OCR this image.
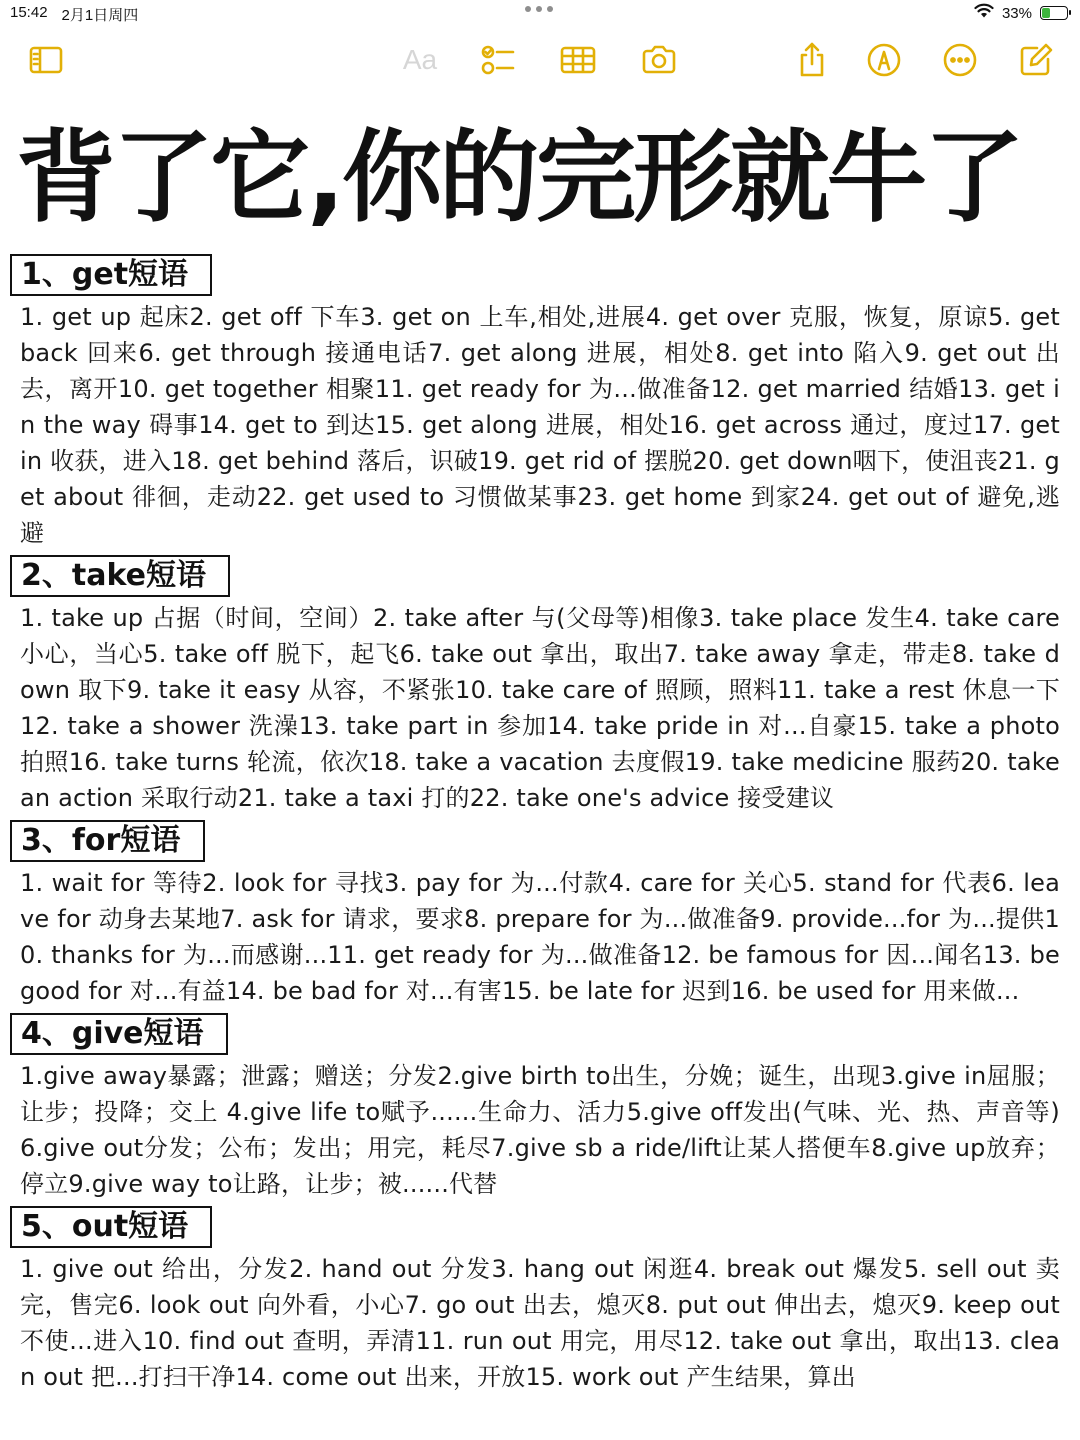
15:42 2月1日周四	33%
Aa
背了它,你的完形就牛了
1、get短语
1. get up 起床2. get off 下车3. get on 上车,相处,进展4. get over 克服，恢复，原谅5. get back 回来6. get through 接通电话7. get along 进展，相处8. get into 陷入9. get out 出去，离开10. get together 相聚11. get ready for 为...做准备12. get married 结婚13. get in the way 碍事14. get to 到达15. get along 进展，相处16. get across 通过，度过17. get in 收获，进入18. get behind 落后，识破19. get rid of 摆脱20. get down咽下，使沮丧21. get about 徘徊，走动22. get used to 习惯做某事23. get home 到家24. get out of 避免,逃避
2、take短语
1. take up 占据（时间，空间）2. take after 与(父母等)相像3. take place 发生4. take care 小心，当心5. take off 脱下，起飞6. take out 拿出，取出7. take away 拿走，带走8. take down 取下9. take it easy 从容，不紧张10. take care of 照顾，照料11. take a rest 休息一下12. take a shower 洗澡13. take part in 参加14. take pride in 对...自豪15. take a photo 拍照16. take turns 轮流，依次18. take a vacation 去度假19. take medicine 服药20. take an action 采取行动21. take a taxi 打的22. take one's advice 接受建议
3、for短语
1. wait for 等待2. look for 寻找3. pay for 为...付款4. care for 关心5. stand for 代表6. leave for 动身去某地7. ask for 请求，要求8. prepare for 为...做准备9. provide...for 为...提供10. thanks for 为...而感谢...11. get ready for 为...做准备12. be famous for 因...闻名13. be good for 对...有益14. be bad for 对...有害15. be late for 迟到16. be used for 用来做...
4、give短语
1.give away暴露；泄露；赠送；分发2.give birth to出生，分娩；诞生，出现3.give in屈服；让步；投降；交上 4.give life to赋予......生命力、活力5.give off发出(气味、光、热、声音等)6.give out分发；公布；发出；用完，耗尽7.give sb a ride/lift让某人搭便车8.give up放弃；停立9.give way to让路，让步；被......代替
5、out短语
1. give out 给出，分发2. hand out 分发3. hang out 闲逛4. break out 爆发5. sell out 卖完，售完6. look out 向外看，小心7. go out 出去，熄灭8. put out 伸出去，熄灭9. keep out 不使...进入10. find out 查明，弄清11. run out 用完，用尽12. take out 拿出，取出13. clean out 把...打扫干净14. come out 出来，开放15. work out 产生结果，算出
